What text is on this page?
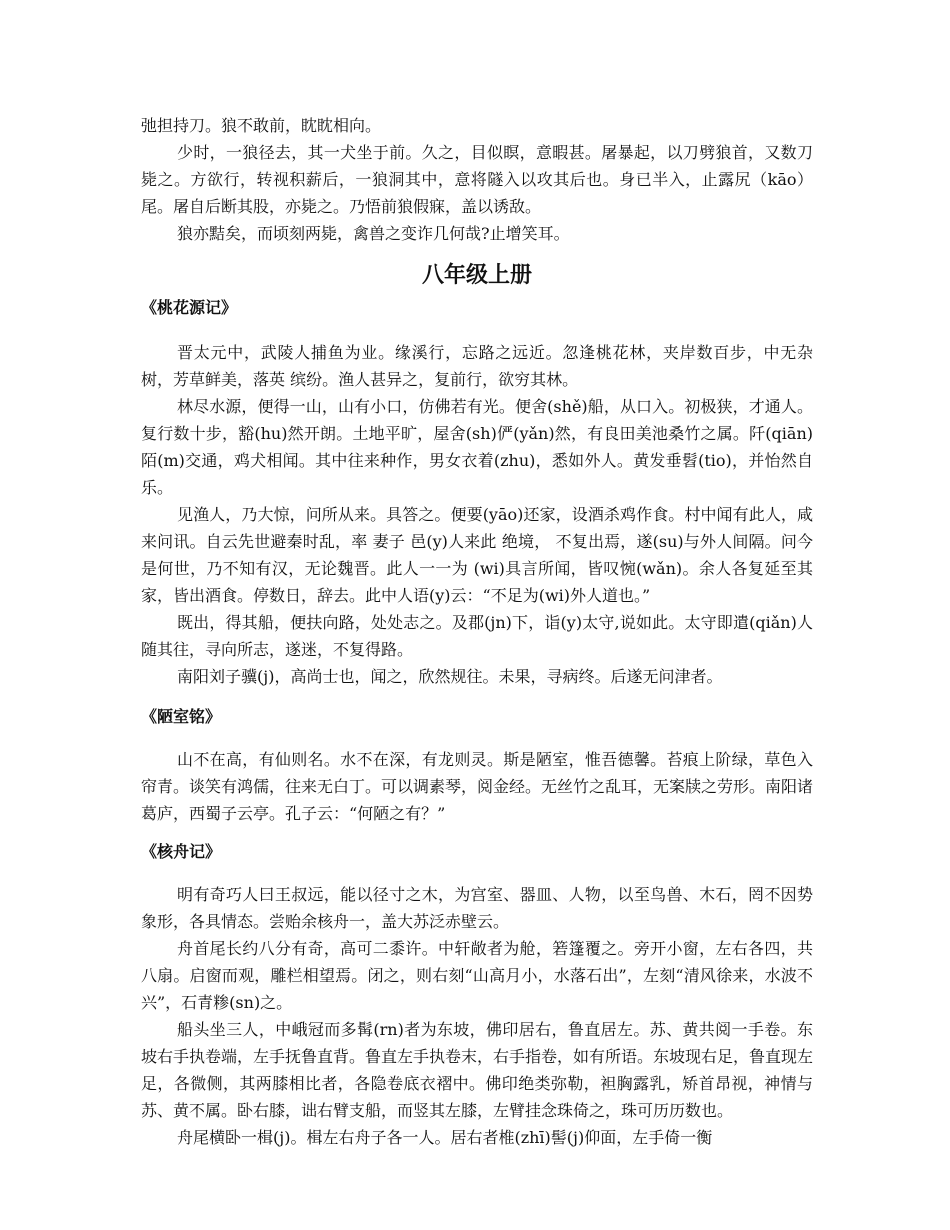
弛担持刀。狼不敢前，眈眈相向。

少时，一狼径去，其一犬坐于前。久之，目似瞑，意暇甚。屠暴起，以刀劈狼首，又数刀毙之。方欲行，转视积薪后，一狼洞其中，意将隧入以攻其后也。身已半入，止露尻（kāo）尾。屠自后断其股，亦毙之。乃悟前狼假寐，盖以诱敌。

狼亦黠矣，而顷刻两毙，禽兽之变诈几何哉?止增笑耳。

八年级上册
《桃花源记》

晋太元中，武陵人捕鱼为业。缘溪行，忘路之远近。忽逢桃花林，夹岸数百步，中无杂树，芳草鲜美，落英 缤纷。渔人甚异之，复前行，欲穷其林。

林尽水源，便得一山，山有小口，仿佛若有光。便舍(shě)船，从口入。初极狭，才通人。复行数十步，豁(hu)然开朗。土地平旷，屋舍(sh)俨(yǎn)然，有良田美池桑竹之属。阡(qiān)陌(m)交通，鸡犬相闻。其中往来种作，男女衣着(zhu)，悉如外人。黄发垂髫(tio)，并怡然自乐。

见渔人，乃大惊，问所从来。具答之。便要(yāo)还家，设酒杀鸡作食。村中闻有此人，咸来问讯。自云先世避秦时乱，率 妻子 邑(y)人来此 绝境， 不复出焉，遂(su)与外人间隔。问今是何世，乃不知有汉，无论魏晋。此人一一为 (wi)具言所闻，皆叹惋(wǎn)。余人各复延至其家，皆出酒食。停数日，辞去。此中人语(y)云：“不足为(wi)外人道也。”

既出，得其船，便扶向路，处处志之。及郡(jn)下，诣(y)太守,说如此。太守即遣(qiǎn)人随其往，寻向所志，遂迷，不复得路。

南阳刘子骥(j)，高尚士也，闻之，欣然规往。未果，寻病终。后遂无问津者。

《陋室铭》

山不在高，有仙则名。水不在深，有龙则灵。斯是陋室，惟吾德馨。苔痕上阶绿，草色入帘青。谈笑有鸿儒，往来无白丁。可以调素琴，阅金经。无丝竹之乱耳，无案牍之劳形。南阳诸葛庐，西蜀子云亭。孔子云：“何陋之有？”

《核舟记》

明有奇巧人曰王叔远，能以径寸之木，为宫室、器皿、人物，以至鸟兽、木石，罔不因势象形，各具情态。尝贻余核舟一，盖大苏泛赤壁云。

舟首尾长约八分有奇，高可二黍许。中轩敞者为舱，箬篷覆之。旁开小窗，左右各四，共八扇。启窗而观，雕栏相望焉。闭之，则右刻“山高月小，水落石出”，左刻“清风徐来，水波不兴”，石青糁(sn)之。

船头坐三人，中峨冠而多髯(rn)者为东坡，佛印居右，鲁直居左。苏、黄共阅一手卷。东坡右手执卷端，左手抚鲁直背。鲁直左手执卷末，右手指卷，如有所语。东坡现右足，鲁直现左足，各微侧，其两膝相比者，各隐卷底衣褶中。佛印绝类弥勒，袒胸露乳，矫首昂视，神情与苏、黄不属。卧右膝，诎右臂支船，而竖其左膝，左臂挂念珠倚之，珠可历历数也。

舟尾横卧一楫(j)。楫左右舟子各一人。居右者椎(zhī)髻(j)仰面，左手倚一衡
